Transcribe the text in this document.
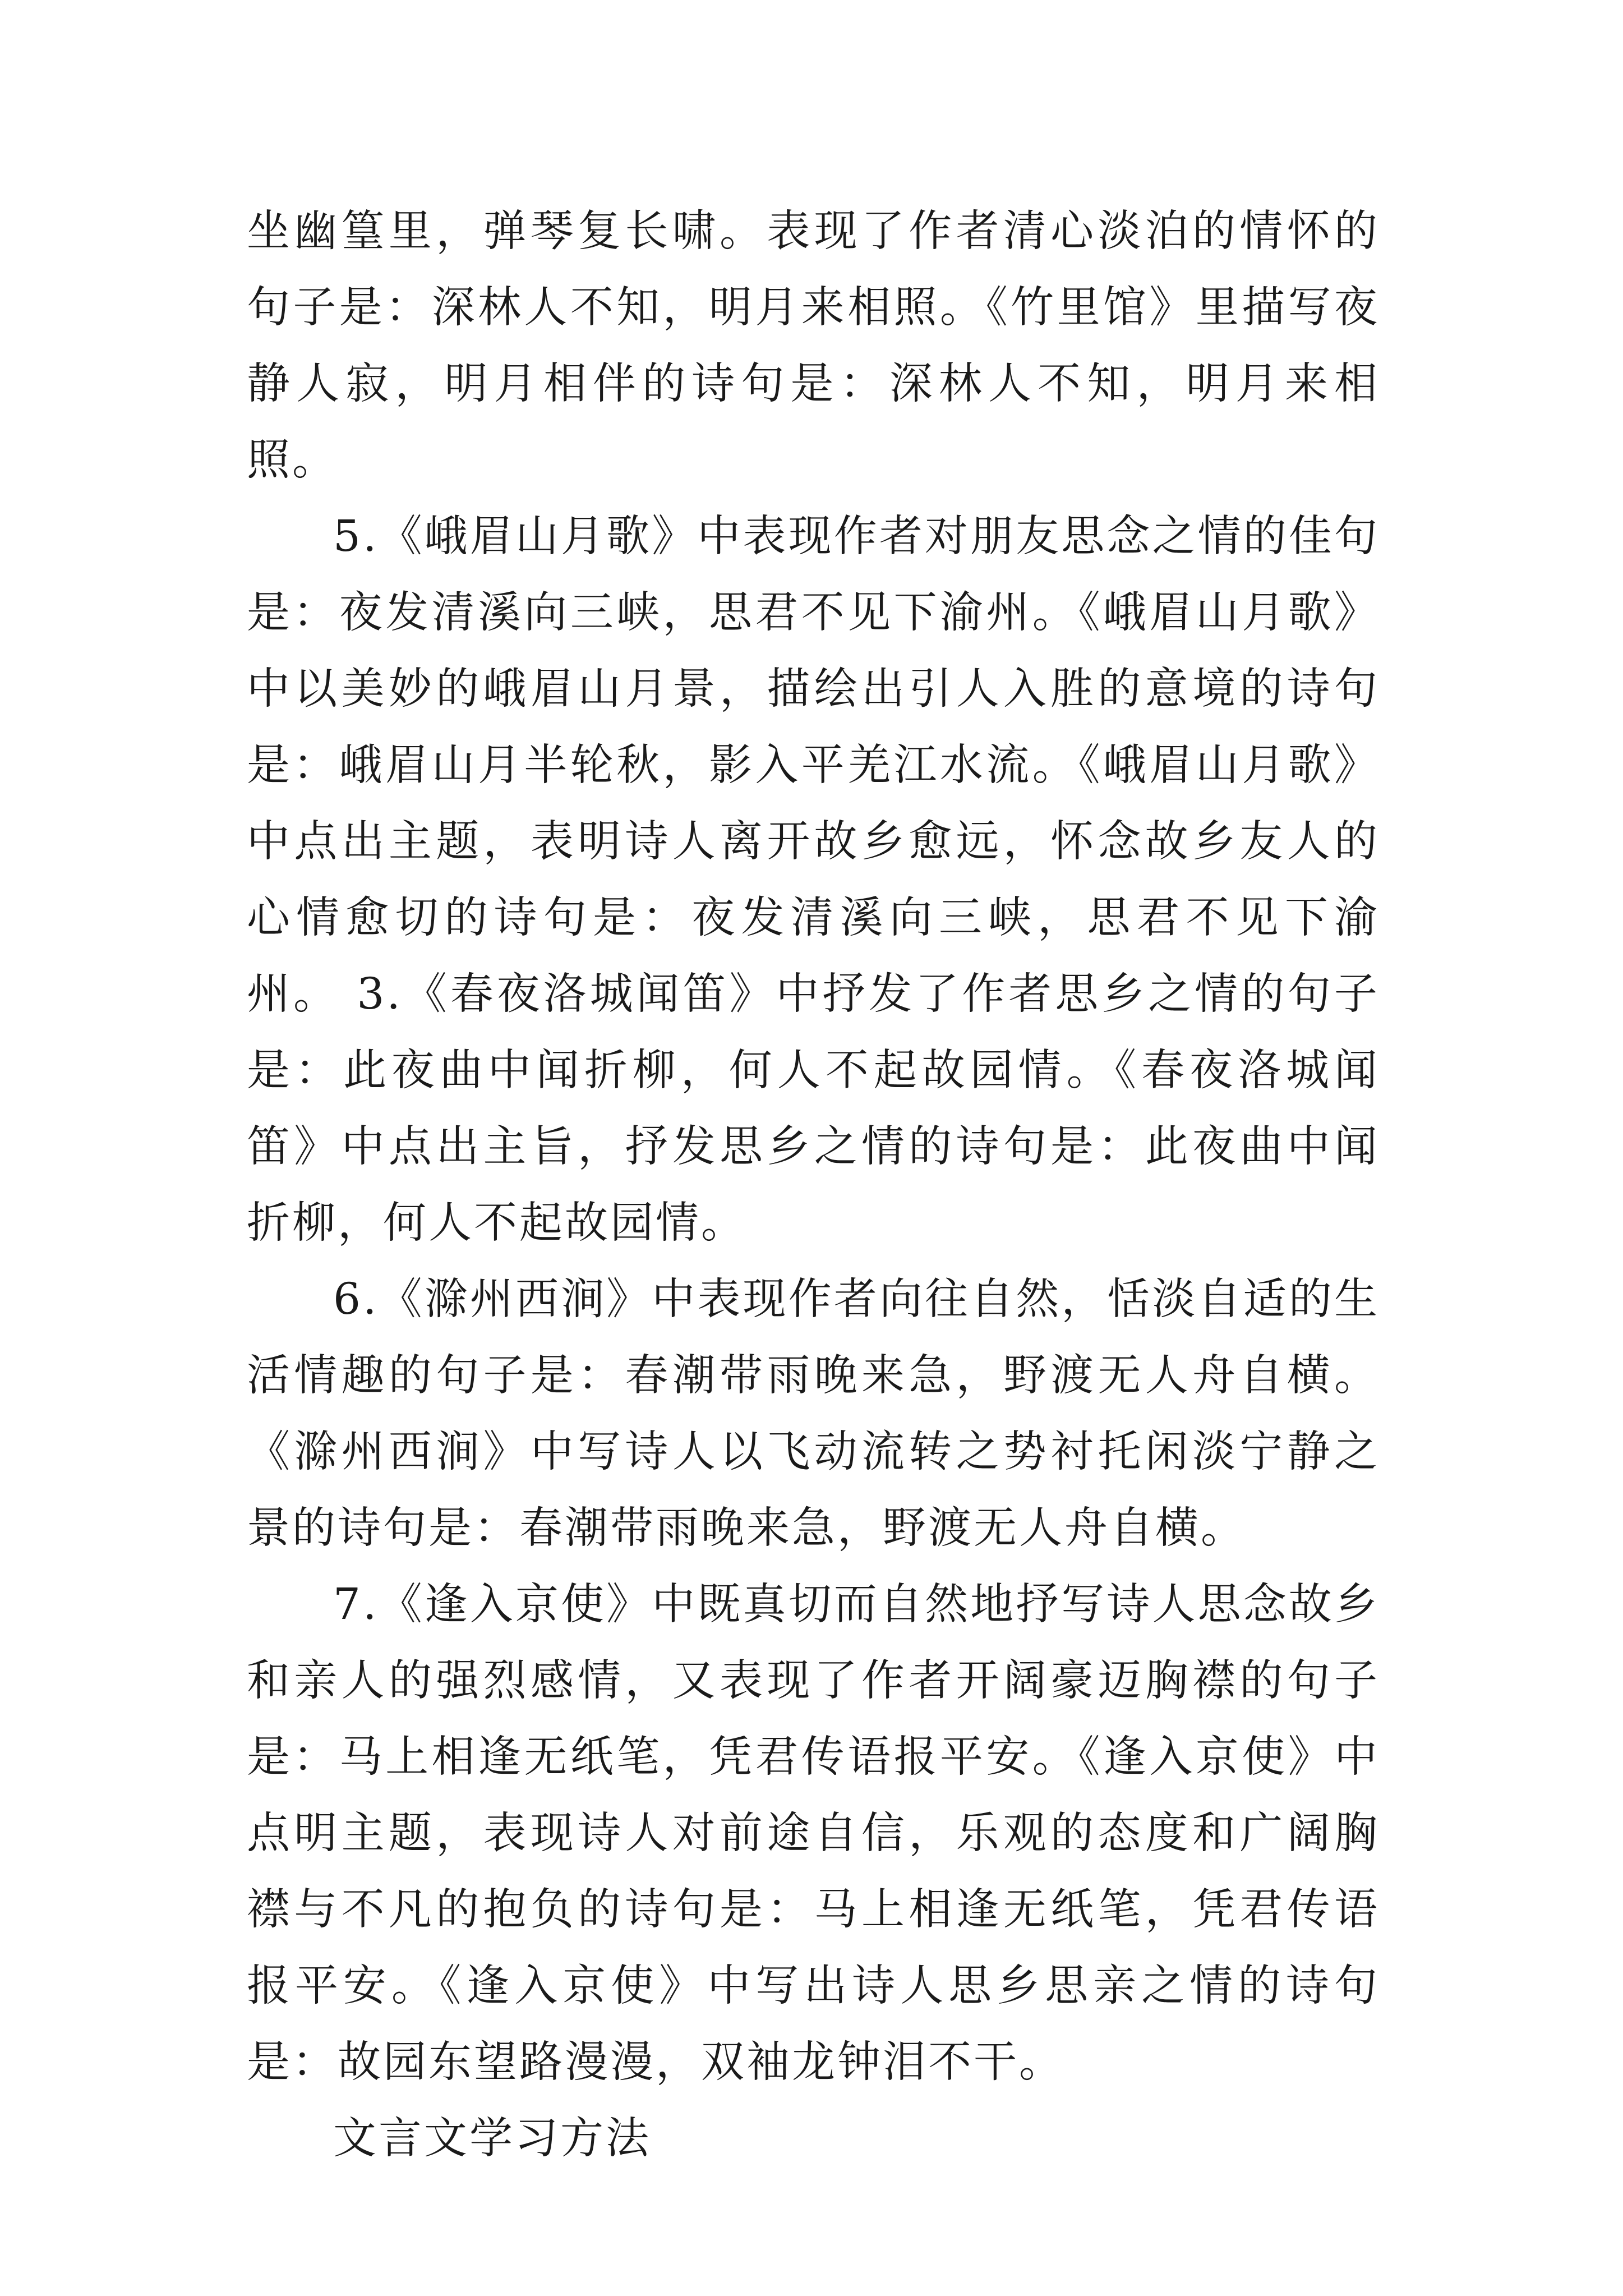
坐幽篁里，弹琴复长啸。表现了作者清心淡泊的情怀的句子是：深林人不知，明月来相照。《竹里馆》里描写夜静人寂，明月相伴的诗句是：深林人不知，明月来相照。

5.《峨眉山月歌》中表现作者对朋友思念之情的佳句是：夜发清溪向三峡，思君不见下渝州。《峨眉山月歌》中以美妙的峨眉山月景，描绘出引人入胜的意境的诗句是：峨眉山月半轮秋，影入平羌江水流。《峨眉山月歌》中点出主题，表明诗人离开故乡愈远，怀念故乡友人的心情愈切的诗句是：夜发清溪向三峡，思君不见下渝州。 3.《春夜洛城闻笛》中抒发了作者思乡之情的句子是：此夜曲中闻折柳，何人不起故园情。《春夜洛城闻笛》中点出主旨，抒发思乡之情的诗句是：此夜曲中闻折柳，何人不起故园情。

6.《滁州西涧》中表现作者向往自然，恬淡自适的生活情趣的句子是：春潮带雨晚来急，野渡无人舟自横。《滁州西涧》中写诗人以飞动流转之势衬托闲淡宁静之景的诗句是：春潮带雨晚来急，野渡无人舟自横。

7.《逢入京使》中既真切而自然地抒写诗人思念故乡和亲人的强烈感情，又表现了作者开阔豪迈胸襟的句子是：马上相逢无纸笔，凭君传语报平安。《逢入京使》中点明主题，表现诗人对前途自信，乐观的态度和广阔胸襟与不凡的抱负的诗句是：马上相逢无纸笔，凭君传语报平安。《逢入京使》中写出诗人思乡思亲之情的诗句是：故园东望路漫漫，双袖龙钟泪不干。

文言文学习方法
